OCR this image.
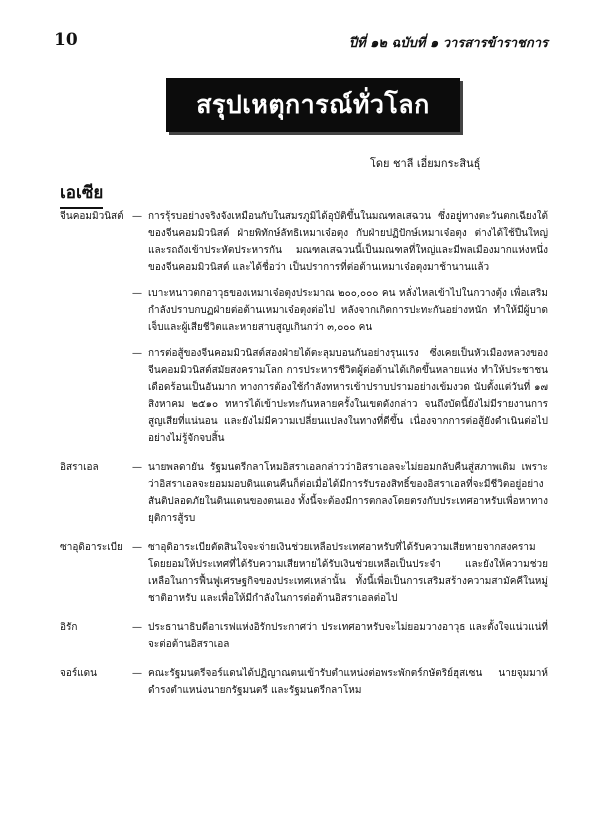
10	ปีที่ ๑๒ ฉบับที่ ๑ วารสารข้าราชการ
สรุปเหตุการณ์ทั่วโลก
โดย ชาลี เอี่ยมกระสินธุ์
เอเซีย
จีนคอมมิวนิสต์	— การรุ้รบอย่างจริงจังเหมือนกับในสมรภูมิได้อุบัติขึ้นในมณฑลเสฉวน ซึ่งอยู่ทางตะวันตกเฉียงใต้ของจีนคอมมิวนิสต์ ฝ่ายพิทักษ์ลัทธิเหมาเจ๋อตุง กับฝ่ายปฏิปักษ์เหมาเจ๋อตุง ต่างได้ใช้ปืนใหญ่และรถถังเข้าประหัตประหารกัน มณฑลเสฉวนนี้เป็นมณฑลที่ใหญ่และมีพลเมืองมากแห่งหนึ่งของจีนคอมมิวนิสต์ และได้ชื่อว่า เป็นปราการที่ต่อต้านเหมาเจ๋อตุงมาช้านานแล้ว
— เบาะหนาวตกอาวุธของเหมาเจ๋อตุงประมาณ ๒๐๐,๐๐๐ คน หลั่งไหลเข้าไปในกวางตุ้ง เพื่อเสริมกำลังปราบกบฏฝ่ายต่อต้านเหมาเจ๋อตุงต่อไป หลังจากเกิดการปะทะกันอย่างหนัก ทำให้มีผู้บาดเจ็บและผู้เสียชีวิตและหายสาบสูญเกินกว่า ๓,๐๐๐ คน
— การต่อสู้ของจีนคอมมิวนิสต์สองฝ่ายได้ตะลุมบอนกันอย่างรุนแรง ซึ่งเคยเป็นหัวเมืองหลวงของจีนคอมมิวนิสต์สมัยสงครามโลก การประหารชีวิตผู้ต่อต้านได้เกิดขึ้นหลายแห่ง ทำให้ประชาชนเดือดร้อนเป็นอันมาก ทางการต้องใช้กำลังทหารเข้าปราบปรามอย่างเข้มงวด นับตั้งแต่วันที่ ๑๗ สิงหาคม ๒๕๑๐ ทหารได้เข้าปะทะกันหลายครั้งในเขตดังกล่าว จนถึงบัดนี้ยังไม่มีรายงานการสูญเสียที่แน่นอน และยังไม่มีความเปลี่ยนแปลงในทางที่ดีขึ้น เนื่องจากการต่อสู้ยังดำเนินต่อไปอย่างไม่รู้จักจบสิ้น
อิสราเอล	— นายพลดายัน รัฐมนตรีกลาโหมอิสราเอลกล่าวว่าอิสราเอลจะไม่ยอมกลับคืนสู่สภาพเดิม เพราะว่าอิสราเอลจะยอมมอบดินแดนคืนก็ต่อเมื่อได้มีการรับรองสิทธิ์ของอิสราเอลที่จะมีชีวิตอยู่อย่างสันติปลอดภัยในดินแดนของตนเอง ทั้งนี้จะต้องมีการตกลงโดยตรงกับประเทศอาหรับเพื่อหาทางยุติการสู้รบ
ซาอุดิอาระเบีย	— ซาอุดิอาระเบียตัดสินใจจะจ่ายเงินช่วยเหลือประเทศอาหรับที่ได้รับความเสียหายจากสงคราม โดยยอมให้ประเทศที่ได้รับความเสียหายได้รับเงินช่วยเหลือเป็นประจำ และยังให้ความช่วยเหลือในการฟื้นฟูเศรษฐกิจของประเทศเหล่านั้น ทั้งนี้เพื่อเป็นการเสริมสร้างความสามัคคีในหมู่ชาติอาหรับ และเพื่อให้มีกำลังในการต่อต้านอิสราเอลต่อไป
อิรัก	— ประธานาธิบดีอาเรฟแห่งอิรักประกาศว่า ประเทศอาหรับจะไม่ยอมวางอาวุธ และตั้งใจแน่วแน่ที่จะต่อต้านอิสราเอล
จอร์แดน	— คณะรัฐมนตรีจอร์แดนได้ปฏิญาณตนเข้ารับตำแหน่งต่อพระพักตร์กษัตริย์ฮุสเซน นายจุมมาห์ ดำรงตำแหน่งนายกรัฐมนตรี และรัฐมนตรีกลาโหม
